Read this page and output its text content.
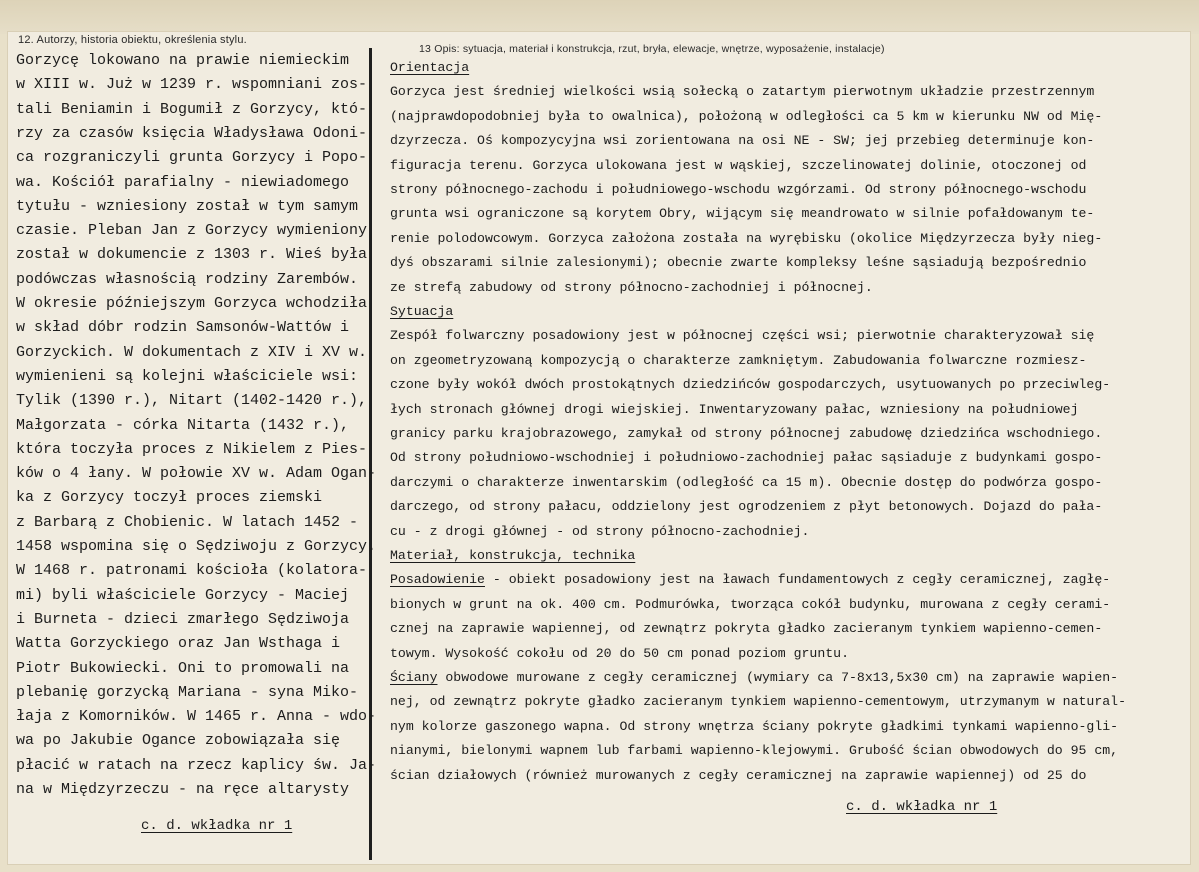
12. Autorzy, historia obiektu, określenia stylu.
13 Opis: sytuacja, materiał i konstrukcja, rzut, bryła, elewacje, wnętrze, wyposażenie, instalacje)
Gorzycę lokowano na prawie niemieckim
w XIII w. Już w 1239 r. wspomniani zos-
tali Beniamin i Bogumił z Gorzycy, któ-
rzy za czasów księcia Władysława Odoni-
ca rozgraniczyli grunta Gorzycy i Popo-
wa. Kościół parafialny - niewiadomego
tytułu - wzniesiony został w tym samym
czasie. Pleban Jan z Gorzycy wymieniony
został w dokumencie z 1303 r. Wieś była
podówczas własnością rodziny Zarembów.
W okresie późniejszym Gorzyca wchodziła
w skład dóbr rodzin Samsonów-Wattów i
Gorzyckich. W dokumentach z XIV i XV w.
wymienieni są kolejni właściciele wsi:
Tylik (1390 r.), Nitart (1402-1420 r.),
Małgorzata - córka Nitarta (1432 r.),
która toczyła proces z Nikielem z Pies-
ków o 4 łany. W połowie XV w. Adam Ogan-
ka z Gorzycy toczył proces ziemski
z Barbarą z Chobienic. W latach 1452 -
1458 wspomina się o Sędziwoju z Gorzycy.
W 1468 r. patronami kościoła (kolatora-
mi) byli właściciele Gorzycy - Maciej
i Burneta - dzieci zmarłego Sędziwoja
Watta Gorzyckiego oraz Jan Wsthaga i
Piotr Bukowiecki. Oni to promowali na
plebanię gorzycką Mariana - syna Miko-
łaja z Komorników. W 1465 r. Anna - wdo-
wa po Jakubie Ogance zobowiązała się
płacić w ratach na rzecz kaplicy św. Ja-
na w Międzyrzeczu - na ręce altarysty
Orientacja
Gorzyca jest średniej wielkości wsią sołecką o zatartym pierwotnym układzie przestrzennym
(najprawdopodobniej była to owalnica), położoną w odległości ca 5 km w kierunku NW od Mię-
dzyrzecza. Oś kompozycyjna wsi zorientowana na osi NE - SW; jej przebieg determinuje kon-
figuracja terenu. Gorzyca ulokowana jest w wąskiej, szczelinowatej dolinie, otoczonej od
strony północnego-zachodu i południowego-wschodu wzgórzami. Od strony północnego-wschodu
grunta wsi ograniczone są korytem Obry, wijącym się meandrowato w silnie pofałdowanym te-
renie polodowcowym. Gorzyca założona została na wyrębisku (okolice Międzyrzecza były nieg-
dyś obszarami silnie zalesionymi); obecnie zwarte kompleksy leśne sąsiadują bezpośrednio
ze strefą zabudowy od strony północno-zachodniej i północnej.
Sytuacja
Zespół folwarczny posadowiony jest w północnej części wsi; pierwotnie charakteryzował się
on zgeometryzowaną kompozycją o charakterze zamkniętym. Zabudowania folwarczne rozmiesz-
czone były wokół dwóch prostokątnych dziedzińców gospodarczych, usytuowanych po przeciwleg-
łych stronach głównej drogi wiejskiej. Inwentaryzowany pałac, wzniesiony na południowej
granicy parku krajobrazowego, zamykał od strony północnej zabudowę dziedzińca wschodniego.
Od strony południowo-wschodniej i południowo-zachodniej pałac sąsiaduje z budynkami gospo-
darczymi o charakterze inwentarskim (odległość ca 15 m). Obecnie dostęp do podwórza gospo-
darczego, od strony pałacu, oddzielony jest ogrodzeniem z płyt betonowych. Dojazd do pała-
cu - z drogi głównej - od strony północno-zachodniej.
Materiał, konstrukcja, technika
Posadowienie - obiekt posadowiony jest na ławach fundamentowych z cegły ceramicznej, zagłę-
bionych w grunt na ok. 400 cm. Podmurówka, tworząca cokół budynku, murowana z cegły cerami-
cznej na zaprawie wapiennej, od zewnątrz pokryta gładko zacieranym tynkiem wapienno-cemen-
towym. Wysokość cokołu od 20 do 50 cm ponad poziom gruntu.
Ściany obwodowe murowane z cegły ceramicznej (wymiary ca 7-8x13,5x30 cm) na zaprawie wapien-
nej, od zewnątrz pokryte gładko zacieranym tynkiem wapienno-cementowym, utrzymanym w natural-
nym kolorze gaszonego wapna. Od strony wnętrza ściany pokryte gładkimi tynkami wapienno-gli-
nianymi, bielonymi wapnem lub farbami wapienno-klejowymi. Grubość ścian obwodowych do 95 cm,
ścian działowych (również murowanych z cegły ceramicznej na zaprawie wapiennej) od 25 do
c. d. wkładka nr 1
c. d. wkładka nr 1
